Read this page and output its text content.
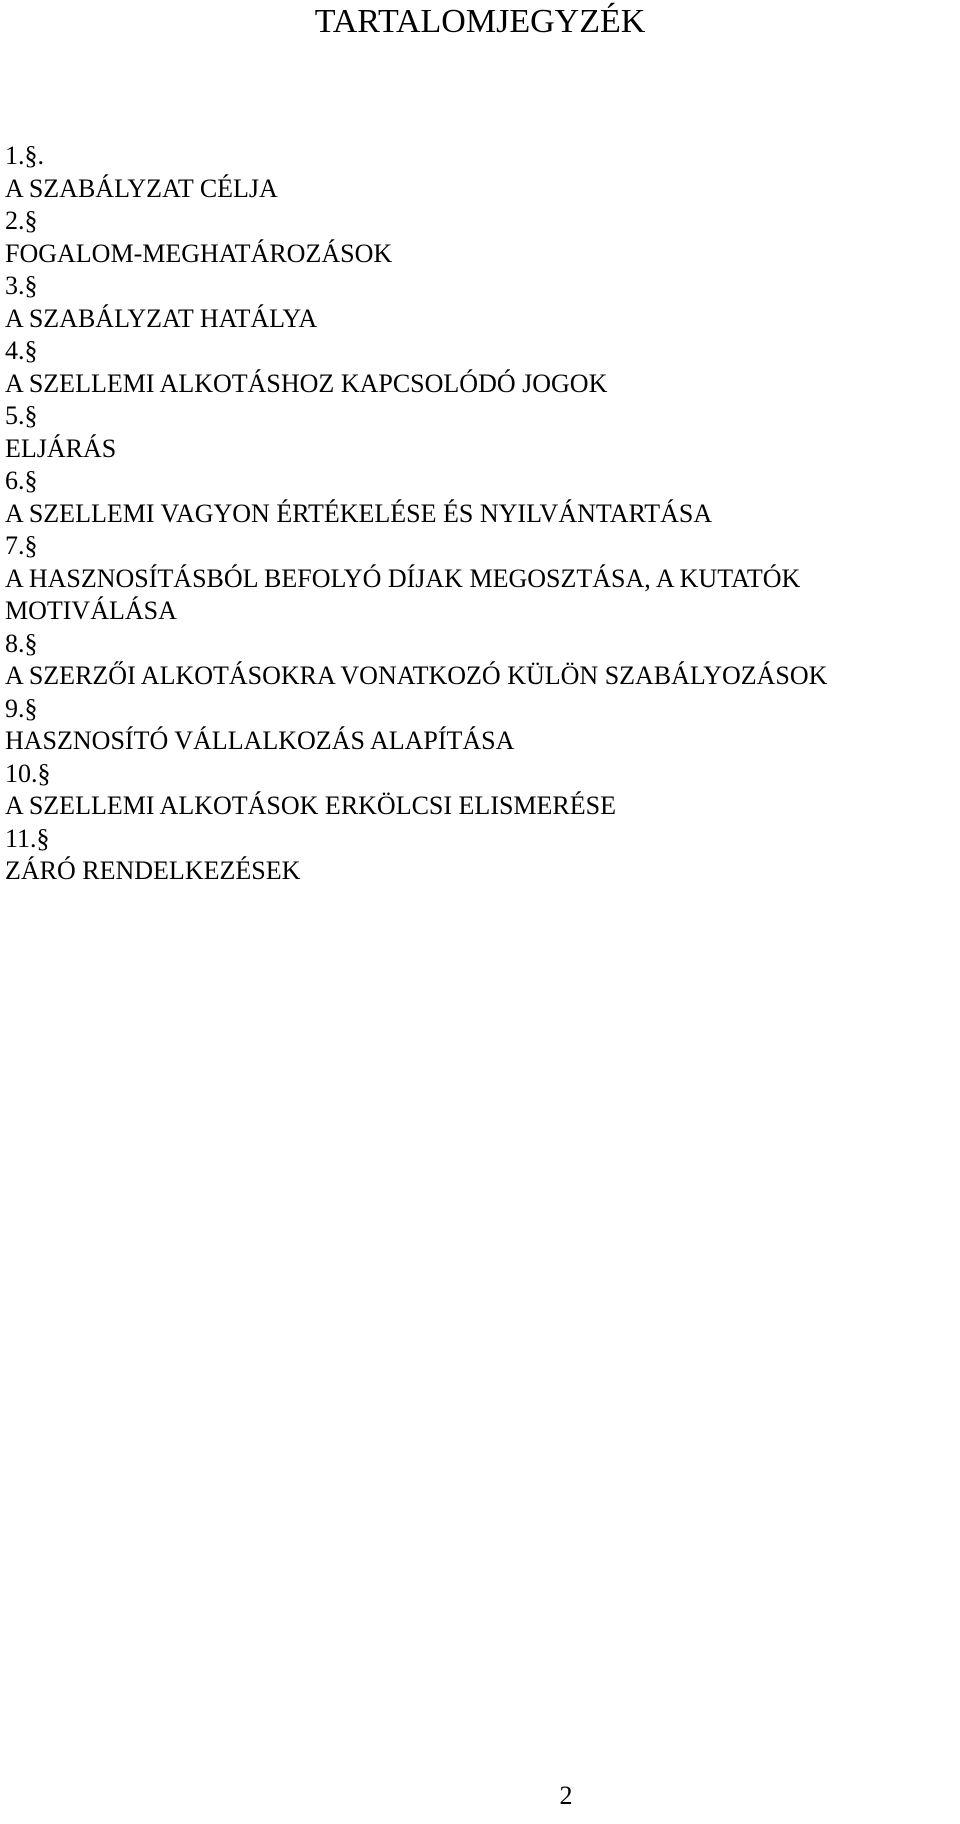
TARTALOMJEGYZÉK
1.§.
A SZABÁLYZAT CÉLJA
2.§
FOGALOM-MEGHATÁROZÁSOK
3.§
A SZABÁLYZAT HATÁLYA
4.§
A SZELLEMI ALKOTÁSHOZ KAPCSOLÓDÓ JOGOK
5.§
ELJÁRÁS
6.§
A SZELLEMI VAGYON ÉRTÉKELÉSE ÉS NYILVÁNTARTÁSA
7.§
A HASZNOSÍTÁSBÓL BEFOLYÓ DÍJAK MEGOSZTÁSA, A KUTATÓK MOTIVÁLÁSA
8.§
A SZERZŐI ALKOTÁSOKRA VONATKOZÓ KÜLÖN SZABÁLYOZÁSOK
9.§
HASZNOSÍTÓ VÁLLALKOZÁS ALAPÍTÁSA
10.§
A SZELLEMI ALKOTÁSOK ERKÖLCSI ELISMERÉSE
11.§
ZÁRÓ RENDELKEZÉSEK
2
